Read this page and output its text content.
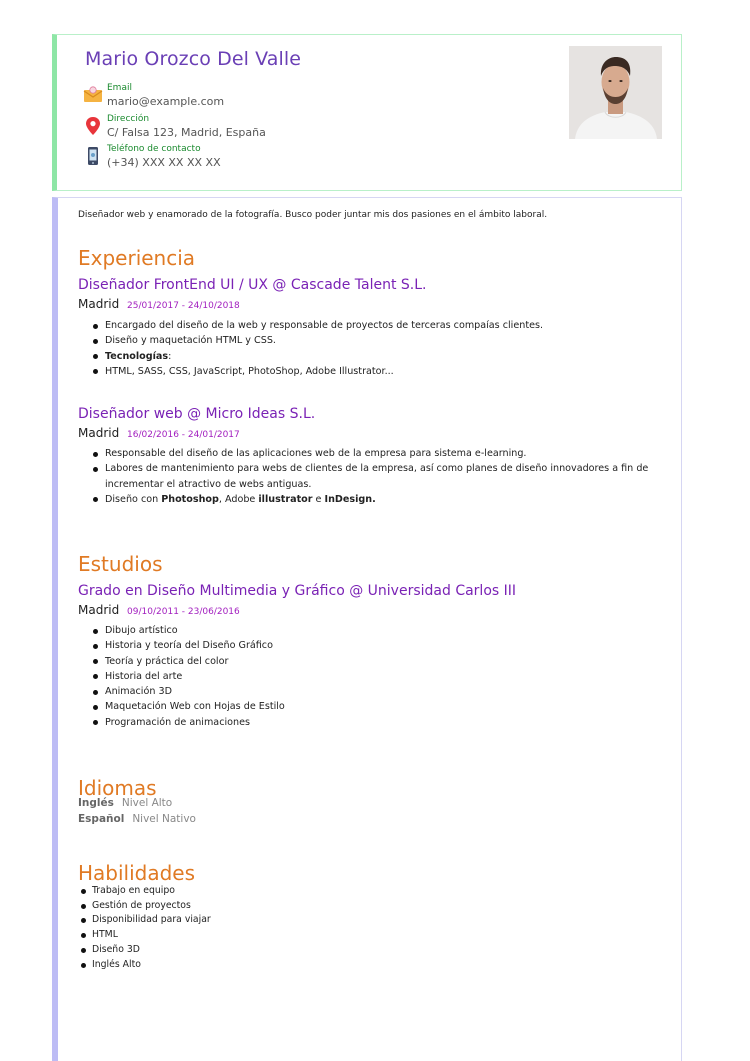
Mario Orozco Del Valle
Email
mario@example.com
Dirección
C/ Falsa 123, Madrid, España
Teléfono de contacto
(+34) XXX XX XX XX

Diseñador web y enamorado de la fotografía. Busco poder juntar mis dos pasiones en el ámbito laboral.

Experiencia
Diseñador FrontEnd UI / UX @ Cascade Talent S.L.
Madrid 25/01/2017 - 24/10/2018
Encargado del diseño de la web y responsable de proyectos de terceras compaías clientes.
Diseño y maquetación HTML y CSS.
Tecnologías:
HTML, SASS, CSS, JavaScript, PhotoShop, Adobe Illustrator...
Diseñador web @ Micro Ideas S.L.
Madrid 16/02/2016 - 24/01/2017
Responsable del diseño de las aplicaciones web de la empresa para sistema e-learning.
Labores de mantenimiento para webs de clientes de la empresa, así como planes de diseño innovadores a fin de incrementar el atractivo de webs antiguas.
Diseño con Photoshop, Adobe illustrator e InDesign.
Estudios
Grado en Diseño Multimedia y Gráfico @ Universidad Carlos III
Madrid 09/10/2011 - 23/06/2016
Dibujo artístico
Historia y teoría del Diseño Gráfico
Teoría y práctica del color
Historia del arte
Animación 3D
Maquetación Web con Hojas de Estilo
Programación de animaciones
Idiomas
Inglés Nivel Alto
Español Nivel Nativo
Habilidades
Trabajo en equipo
Gestión de proyectos
Disponibilidad para viajar
HTML
Diseño 3D
Inglés Alto
